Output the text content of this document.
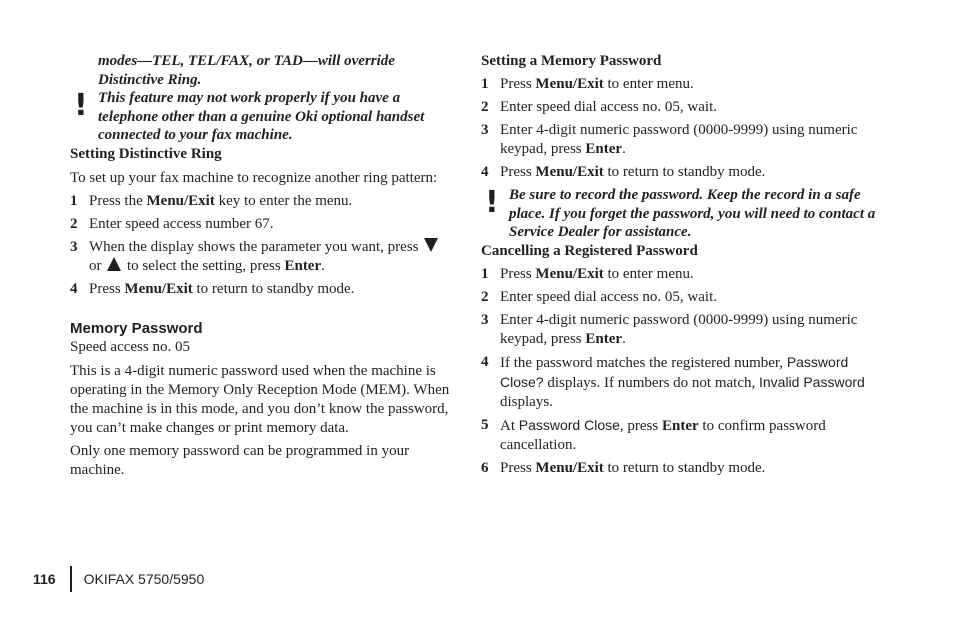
modes—TEL, TEL/FAX, or TAD—will override Distinctive Ring.
! This feature may not work properly if you have a telephone other than a genuine Oki optional handset connected to your fax machine.

Setting Distinctive Ring

To set up your fax machine to recognize another ring pattern:

1 Press the Menu/Exit key to enter the menu.
2 Enter speed access number 67.
3 When the display shows the parameter you want, press
or  to select the setting, press Enter.
4 Press Menu/Exit to return to standby mode.

Memory Password

Speed access no. 05

This is a 4-digit numeric password used when the machine is operating in the Memory Only Reception Mode (MEM). When the machine is in this mode, and you don’t know the password, you can’t make changes or print memory data.

Only one memory password can be programmed in your machine.

Setting a Memory Password

1 Press Menu/Exit to enter menu.
2 Enter speed dial access no. 05, wait.
3 Enter 4-digit numeric password (0000-9999) using numeric keypad, press Enter.
4 Press Menu/Exit to return to standby mode.
! Be sure to record the password. Keep the record in a safe place. If you forget the password, you will need to contact a Service Dealer for assistance.

Cancelling a Registered Password

1 Press Menu/Exit to enter menu.
2 Enter speed dial access no. 05, wait.
3 Enter 4-digit numeric password (0000-9999) using numeric keypad, press Enter.
4 If the password matches the registered number, Password Close? displays. If numbers do not match, Invalid Password displays.
5 At Password Close, press Enter to confirm password cancellation.
6 Press Menu/Exit to return to standby mode.
116 OKIFAX 5750/5950
